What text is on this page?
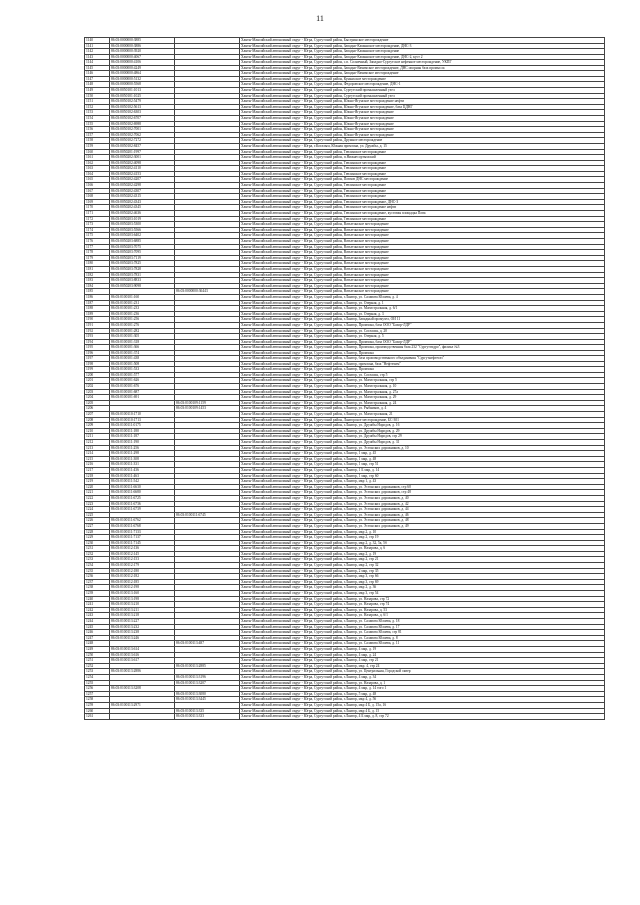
11
1140	86:03:0000000:3885		Ханты-Мансийский автономный округ - Югра, Сургутский район, Быстринское месторождение
1141	86:03:0000000:3886		Ханты-Мансийский автономный округ - Югра, Сургутский район, Западно-Камынское месторождение, ДНС-3
1142	86:03:0000000:3920		Ханты-Мансийский автономный округ - Югра, Сургутский район, Западно-Камынское месторождение
1143	86:03:0000000:4067		Ханты-Мансийский автономный округ - Югра, Сургутский район, Западно-Камынское месторождение, ДНС-2, куст 2
1144	86:03:0000000:4106		Ханты-Мансийский автономный округ - Югра, Сургутский район, с.п. Солнечный, Западно-Сургутское нефтяное месторождение, УКПГ
1145	86:03:0000000:4249		Ханты-Мансийский автономный округ - Югра, Сургутский район, Западно-Вачимское месторождение, ДНС опорная база промысла
1146	86:03:0000000:4864		Ханты-Мансийский автономный округ - Югра, Сургутский район, Западно-Вачимское месторождение
1147	86:03:0000000:5132		Ханты-Мансийский автономный округ - Югра, Сургутский район, Куньяхское месторождение
1148	86:03:0000000:5568		Ханты-Мансийский автономный округ - Югра, Сургутский район, Федоровское месторождение, ДНС-1
1149	86:03:0050101:1013		Ханты-Мансийский автономный округ - Югра, Сургутский район, Сургутский промышленный узел
1150	86:03:0050101:1025		Ханты-Мансийский автономный округ - Югра, Сургутский район, Сургутский промышленный узел
1151	86:03:0050102:5479		Ханты-Мансийский автономный округ - Югра, Сургутский район, Южно-Ягунское месторождение нефти
1152	86:03:0050102:5613		Ханты-Мансийский автономный округ - Югра, Сургутский район, Южно-Ягунское месторождение, база ЦДНГ
1153	86:03:0050102:6303		Ханты-Мансийский автономный округ - Югра, Сургутский район, Южно-Ягунское месторождение
1154	86:03:0050102:6707		Ханты-Мансийский автономный округ - Югра, Сургутский район, Южно-Ягунское месторождение
1155	86:03:0050102:6988		Ханты-Мансийский автономный округ - Югра, Сургутский район, Южно-Ягунское месторождение
1156	86:03:0050102:7001		Ханты-Мансийский автономный округ - Югра, Сургутский район, Южно-Ягунское месторождение
1157	86:03:0050102:7062		Ханты-Мансийский автономный округ - Югра, Сургутский район, Южно-Ягунское месторождение
1158	86:03:0050102:7272		Ханты-Мансийский автономный округ - Югра, Сургутский район, Дружное месторождение
1159	86:03:0050102:8457		Ханты-Мансийский автономный округ - Югра, г.Когалым, Южная промзона, ул. Дружбы, д. 15
1160	86:03:0050201:1997		Ханты-Мансийский автономный округ - Югра, Сургутский район, Тевлинское месторождение
1161	86:03:0050202:3001		Ханты-Мансийский автономный округ - Югра, Сургутский район, п.Нижнесортымский
1162	86:03:0050202:4098		Ханты-Мансийский автономный округ - Югра, Сургутский район, Тевлинское месторождение
1163	86:03:0050202:4110		Ханты-Мансийский автономный округ - Югра, Сургутский район, Тевлинское месторождение
1164	86:03:0050202:4153		Ханты-Мансийский автономный округ - Югра, Сургутский район, Тевлинское месторождение
1165	86:03:0050202:4207		Ханты-Мансийский автономный округ - Югра, Сургутский район, Повхов ДНС месторождение
1166	86:03:0050202:4298		Ханты-Мансийский автономный округ - Югра, Сургутский район, Тевлинское месторождение
1167	86:03:0050202:4307		Ханты-Мансийский автономный округ - Югра, Сургутский район, Тевлинское месторождение
1168	86:03:0050202:4315		Ханты-Мансийский автономный округ - Югра, Сургутский район, Тевлинское месторождение
1169	86:03:0050202:4343		Ханты-Мансийский автономный округ - Югра, Сургутский район, Тевлинское месторождение, ДНС-3
1170	86:03:0050202:4345		Ханты-Мансийский автономный округ - Югра, Сургутский район, Тевлинское месторождение нефти
1171	86:03:0050202:4636		Ханты-Мансийский автономный округ - Югра, Сургутский район, Тевлинское месторождение, кустовая площадка Пова
1172	86:03:0050203:1019		Ханты-Мансийский автономный округ - Югра, Сургутский район, Тевлинское месторождение
1173	86:03:0050203:5300		Ханты-Мансийский автономный округ - Югра, Сургутский район, Ватьеганское месторождение
1174	86:03:0050203:5566		Ханты-Мансийский автономный округ - Югра, Сургутский район, Ватьеганское месторождение
1175	86:03:0050203:6402		Ханты-Мансийский автономный округ - Югра, Сургутский район, Ватьеганское месторождение
1176	86:03:0050203:6885		Ханты-Мансийский автономный округ - Югра, Сургутский район, Ватьеганское месторождение
1177	86:03:0050203:7075		Ханты-Мансийский автономный округ - Югра, Сургутский район, Ватьеганское месторождение
1178	86:03:0050203:7095		Ханты-Мансийский автономный округ - Югра, Сургутский район, Ватьеганское месторождение
1179	86:03:0050203:7119		Ханты-Мансийский автономный округ - Югра, Сургутский район, Ватьеганское месторождение
1180	86:03:0050203:7825		Ханты-Мансийский автономный округ - Югра, Сургутский район, Ватьеганское месторождение
1181	86:03:0050203:7828		Ханты-Мансийский автономный округ - Югра, Сургутский район, Ватьеганское месторождение
1182	86:03:0050203:7831		Ханты-Мансийский автономный округ - Югра, Сургутский район, Ватьеганское месторождение
1183	86:03:0050203:8833		Ханты-Мансийский автономный округ - Югра, Сургутский район, Ватьеганское месторождение
1184	86:03:0050203:9098		Ханты-Мансийский автономный округ - Югра, Сургутский район, Ватьеганское месторождение
1185		86:03:0000000:36443	Ханты-Мансийский автономный округ - Югра, Сургутский район, Ватьеганское месторождение
1186	86:03:0100101:160		Ханты-Мансийский автономный округ - Югра, Сургутский район, г.Лянтор, ул. Салавата Юлаева, д. 4
1187	86:03:0100101:231		Ханты-Мансийский автономный округ - Югра, Сургутский район, г.Лянтор, ул. Озерная, д. 1
1188	86:03:0100101:233		Ханты-Мансийский автономный округ - Югра, Сургутский район, г.Лянтор, ул. Магистральная, д. 6/1
1189	86:03:0100101:236		Ханты-Мансийский автономный округ - Югра, Сургутский район, г.Лянтор, ул. Озерная, д. 3
1190	86:03:0100101:256		Ханты-Мансийский автономный округ - Югра, Сургутский район, г.Лянтор, Западный промузел, ОИ 11
1191	86:03:0100101:276		Ханты-Мансийский автономный округ - Югра, Сургутский район, г.Лянтор, Промзона, база ООО "Бахор-ЛДР"
1192	86:03:0100101:282		Ханты-Мансийский автономный округ - Югра, Сургутский район, г.Лянтор, ул. Согласия, д. 20
1193	86:03:0100101:305		Ханты-Мансийский автономный округ - Югра, Сургутский район, г.Лянтор, ул. Озерная, д. 5
1194	86:03:0100101:318		Ханты-Мансийский автономный округ - Югра, Сургутский район, г.Лянтор, Промзона, база ООО "Бахор-ЛДР"
1195	86:03:0100101:366		Ханты-Мансийский автономный округ - Югра, Сургутский район, г.Лянтор, Промзона, производственная база 232 "Сургутгидро", филиал №3
1196	86:03:0100101:374		Ханты-Мансийский автономный округ - Югра, Сургутский район, г.Лянтор, Промзона
1197	86:03:0100101:438		Ханты-Мансийский автономный округ - Югра, Сургутский район, г.Лянтор, база производственного объединения "Сургутнефтегаз"
1198	86:03:0100101:508		Ханты-Мансийский автономный округ - Югра, Сургутский район, г.Лянтор, промзона, база "Нефтехим"
1199	86:03:0100101:533		Ханты-Мансийский автономный округ - Югра, Сургутский район, г.Лянтор, Промзона
1200	86:03:0100101:577		Ханты-Мансийский автономный округ - Югра, Сургутский район, г.Лянтор, ул. Согласия, стр 5
1201	86:03:0100101:626		Ханты-Мансийский автономный округ - Югра, Сургутский район, г.Лянтор, ул. Магистральная, стр 5
1202	86:03:0100101:676		Ханты-Мансийский автономный округ - Югра, Сургутский район, г.Лянтор, ул. Магистральная, д. 10
1203	86:03:0100101:687		Ханты-Мансийский автономный округ - Югра, Сургутский район, г.Лянтор, ул. Магистральная, д. 27а
1204	86:03:0100101:691		Ханты-Мансийский автономный округ - Югра, Сургутский район, г.Лянтор, ул. Магистральная, д. 29
1205		86:03:0100109:1159	Ханты-Мансийский автономный округ - Югра, Сургутский район, г.Лянтор, ул. Магистральная, д. 24
1206		86:03:0100109:1453	Ханты-Мансийский автономный округ - Югра, Сургутский район, г.Лянтор, ул. Рыбников, д. 4
1207	86:03:0100110:1710		Ханты-Мансийский автономный округ - Югра, Сургутский район, г.Лянтор, ул. Магистральная, 21
1208	86:03:0100110:1713		Ханты-Мансийский автономный округ - Югра, Сургутский район, Лянторское месторождение, БС-301
1209	86:03:0100111:0175		Ханты-Мансийский автономный округ - Югра, Сургутский район, г.Лянтор, ул. Дружбы Народов, д. 16
1210	86:03:0100111:180		Ханты-Мансийский автономный округ - Югра, Сургутский район, г.Лянтор, ул. Дружбы Народов, д. 29
1211	86:03:0100111:187		Ханты-Мансийский автономный округ - Югра, Сургутский район, г.Лянтор, ул. Дружбы Народов, стр 29
1212	86:03:0100111:190		Ханты-Мансийский автономный округ - Югра, Сургутский район, г.Лянтор, ул. Дружбы Народов, д. 31
1213	86:03:0100111:256		Ханты-Мансийский автономный округ - Югра, Сургутский район, г.Лянтор, ул. Эстонских дорожников, д. 10
1214	86:03:0100111:298		Ханты-Мансийский автономный округ - Югра, Сургутский район, г.Лянтор, 1 мкр, д. 45
1215	86:03:0100111:308		Ханты-Мансийский автономный округ - Югра, Сургутский район, г.Лянтор, 1 мкр, д. 48
1216	86:03:0100111:331		Ханты-Мансийский автономный округ - Югра, Сургутский район, г.Лянтор, 1 мкр, стр 51
1217	86:03:0100111:436		Ханты-Мансийский автономный округ - Югра, Сургутский район, г.Лянтор, 1 Б мкр, д. 14
1218	86:03:0100111:463		Ханты-Мансийский автономный округ - Югра, Сургутский район, г.Лянтор, 1 мкр, стр 60
1219	86:03:0100111:542		Ханты-Мансийский автономный округ - Югра, Сургутский район, г.Лянтор, мкр 1, д. 43
1220	86:03:0100111:6630		Ханты-Мансийский автономный округ - Югра, Сургутский район, г.Лянтор, ул. Эстонских дорожников, стр 60
1221	86:03:0100111:6680		Ханты-Мансийский автономный округ - Югра, Сургутский район, г.Лянтор, ул. Эстонских дорожников, стр 48
1222	86:03:0100111:6725		Ханты-Мансийский автономный округ - Югра, Сургутский район, г.Лянтор, ул. Эстонских дорожников, д. 40
1223	86:03:0100111:6736		Ханты-Мансийский автономный округ - Югра, Сургутский район, г.Лянтор, ул. Эстонских дорожников, д. 42
1224	86:03:0100111:6739		Ханты-Мансийский автономный округ - Югра, Сургутский район, г.Лянтор, ул. Эстонских дорожников, д. 44
1225		86:03:0100111:6745	Ханты-Мансийский автономный округ - Югра, Сургутский район, г.Лянтор, ул. Эстонских дорожников, д. 46
1226	86:03:0100111:6762		Ханты-Мансийский автономный округ - Югра, Сургутский район, г.Лянтор, ул. Эстонских дорожников, д. 48
1227	86:03:0100111:6768		Ханты-Мансийский автономный округ - Югра, Сургутский район, г.Лянтор, ул. Эстонских дорожников, д. 49
1228	86:03:0100111:7133		Ханты-Мансийский автономный округ - Югра, Сургутский район, г.Лянтор, мкр 2, д. 10
1229	86:03:0100111:7137		Ханты-Мансийский автономный округ - Югра, Сургутский район, г.Лянтор, мкр 2, стр 19
1230	86:03:0100111:7145		Ханты-Мансийский автономный округ - Югра, Сургутский район, г.Лянтор, мкр 2, д. 32, 5а, 5б
1231	86:03:0100112:136		Ханты-Мансийский автономный округ - Югра, Сургутский район, г.Лянтор, ул. Назарова, д. 6
1232	86:03:0100112:145		Ханты-Мансийский автономный округ - Югра, Сургутский район, г.Лянтор, мкр 2, д. 19
1233	86:03:0100112:153		Ханты-Мансийский автономный округ - Югра, Сургутский район, г.Лянтор, мкр 2, стр 21
1234	86:03:0100112:179		Ханты-Мансийский автономный округ - Югра, Сургутский район, г.Лянтор, мкр 2, стр 32
1235	86:03:0100112:180		Ханты-Мансийский автономный округ - Югра, Сургутский район, г.Лянтор, 2 мкр, стр 35
1236	86:03:0100112:182		Ханты-Мансийский автономный округ - Югра, Сургутский район, г.Лянтор, мкр 3, стр 66
1237	86:03:0100112:185		Ханты-Мансийский автономный округ - Югра, Сургутский район, г.Лянтор, мкр 3, стр 69
1238	86:03:0100112:198		Ханты-Мансийский автономный округ - Югра, Сургутский район, г.Лянтор, мкр 2, д. 36
1239	86:03:0100113:160		Ханты-Мансийский автономный округ - Югра, Сургутский район, г.Лянтор, мкр 3, стр 54
1240	86:03:0100113:198		Ханты-Мансийский автономный округ - Югра, Сургутский район, г.Лянтор, ул. Назарова, стр 72
1241	86:03:0100113:210		Ханты-Мансийский автономный округ - Югра, Сургутский район, г.Лянтор, ул. Назарова, стр 74
1242	86:03:0100113:211		Ханты-Мансийский автономный округ - Югра, Сургутский район, г.Лянтор, ул. Назарова, д. 53
1243	86:03:0100113:218		Ханты-Мансийский автономный округ - Югра, Сургутский район, г.Лянтор, ул. Назарова, д. 6/1
1244	86:03:0100113:227		Ханты-Мансийский автономный округ - Югра, Сургутский район, г.Лянтор, ул. Салавата Юлаева, д. 18
1245	86:03:0100113:232		Ханты-Мансийский автономный округ - Югра, Сургутский район, г.Лянтор, ул. Салавата Юлаева, д. 17
1246	86:03:0100113:238		Ханты-Мансийский автономный округ - Югра, Сургутский район, г.Лянтор, ул. Салавата Юлаева, стр 81
1247	86:03:0100113:246		Ханты-Мансийский автономный округ - Югра, Сургутский район, г.Лянтор, ул. Салавата Юлаева, д. 8
1248		86:03:0100113:487	Ханты-Мансийский автономный округ - Югра, Сургутский район, г.Лянтор, ул. Салавата Юлаева, д. 11
1249	86:03:0100113:614		Ханты-Мансийский автономный округ - Югра, Сургутский район, г.Лянтор, 4 мкр, д. 19
1250	86:03:0100113:616		Ханты-Мансийский автономный округ - Югра, Сургутский район, г.Лянтор, 4 мкр, д. 24
1251	86:03:0100113:617		Ханты-Мансийский автономный округ - Югра, Сургутский район, г.Лянтор, 4 мкр, стр 21
1252		86:03:0100113:2885	Ханты-Мансийский автономный округ - Югра, Сургутский район, г.Лянтор, мкр. 4, стр 24
1253	86:03:0100113:2886		Ханты-Мансийский автономный округ - Югра, Сургутский район, г.Лянтор, ул. Центральная, Городской сквер
1254		86:03:0100113:3196	Ханты-Мансийский автономный округ - Югра, Сургутский район, г.Лянтор, 4 мкр, д. 34
1255		86:03:0100113:3207	Ханты-Мансийский автономный округ - Югра, Сургутский район, г.Лянтор, ул. Назарова, д. 1
1256	86:03:0100113:3208		Ханты-Мансийский автономный округ - Югра, Сургутский район, г.Лянтор, 4 мкр, д. 14 того 1
1257		86:03:0100113:3080	Ханты-Мансийский автономный округ - Югра, Сургутский район, г.Лянтор, 5 мкр, д. 48
1258		86:03:0100113:3445	Ханты-Мансийский автономный округ - Югра, Сургутский район, г.Лянтор, мкр 4, д. 56
1259	86:03:0100113:2971		Ханты-Мансийский автономный округ - Югра, Сургутский район, г.Лянтор, мкр 4 Б, д. 15а, 16
1260		86:03:0100113:335	Ханты-Мансийский автономный округ - Югра, Сургутский район, г.Лянтор, мкр 4 Б, д. 15
1261		86:03:0100113:333	Ханты-Мансийский автономный округ - Югра, Сургутский район, г.Лянтор, 4 Б мкр, д. 8, стр 72
